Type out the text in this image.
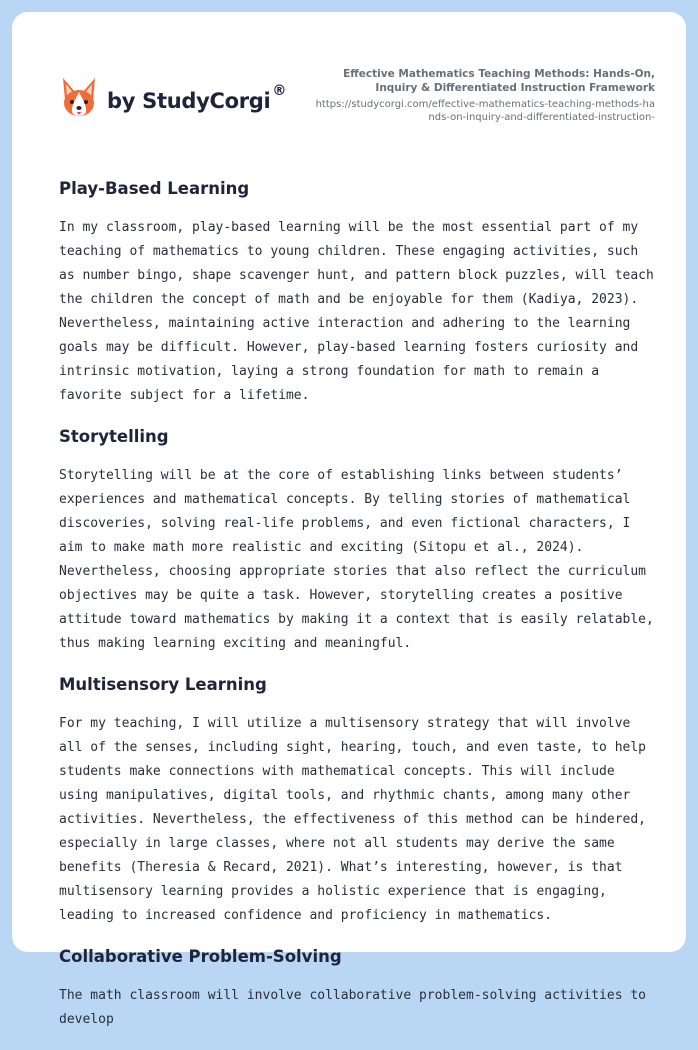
by StudyCorgi ®
Effective Mathematics Teaching Methods: Hands-On, Inquiry & Differentiated Instruction Framework
https://studycorgi.com/effective-mathematics-teaching-methods-hands-on-inquiry-and-differentiated-instruction-
Play-Based Learning

In my classroom, play-based learning will be the most essential part of my teaching of mathematics to young children. These engaging activities, such as number bingo, shape scavenger hunt, and pattern block puzzles, will teach the children the concept of math and be enjoyable for them (Kadiya, 2023). Nevertheless, maintaining active interaction and adhering to the learning goals may be difficult. However, play-based learning fosters curiosity and intrinsic motivation, laying a strong foundation for math to remain a favorite subject for a lifetime.

Storytelling

Storytelling will be at the core of establishing links between students’ experiences and mathematical concepts. By telling stories of mathematical discoveries, solving real-life problems, and even fictional characters, I aim to make math more realistic and exciting (Sitopu et al., 2024). Nevertheless, choosing appropriate stories that also reflect the curriculum objectives may be quite a task. However, storytelling creates a positive attitude toward mathematics by making it a context that is easily relatable, thus making learning exciting and meaningful.

Multisensory Learning

For my teaching, I will utilize a multisensory strategy that will involve all of the senses, including sight, hearing, touch, and even taste, to help students make connections with mathematical concepts. This will include using manipulatives, digital tools, and rhythmic chants, among many other activities. Nevertheless, the effectiveness of this method can be hindered, especially in large classes, where not all students may derive the same benefits (Theresia & Recard, 2021). What’s interesting, however, is that multisensory learning provides a holistic experience that is engaging, leading to increased confidence and proficiency in mathematics.

Collaborative Problem-Solving

The math classroom will involve collaborative problem-solving activities to develop
